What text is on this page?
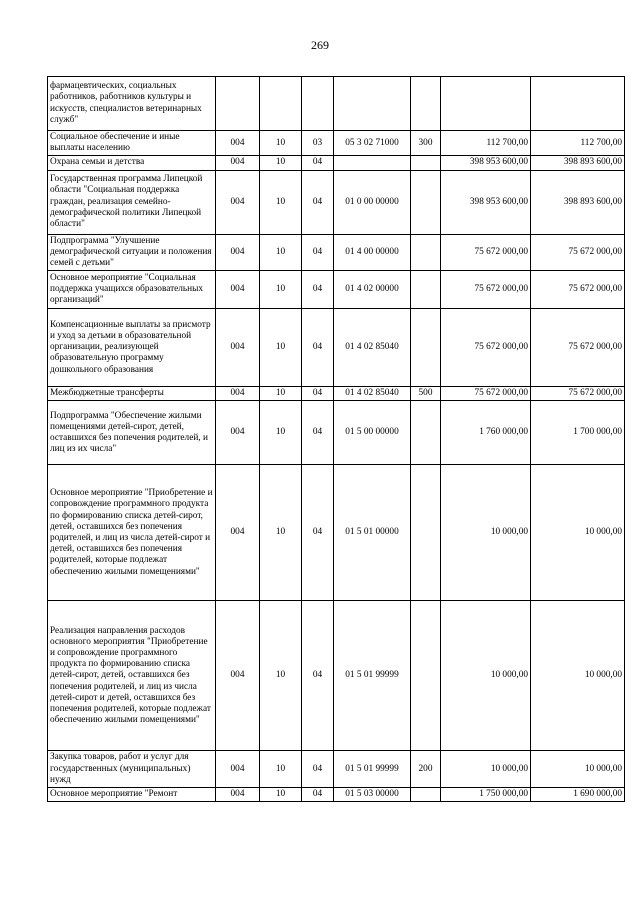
269
фармацевтических, социальных работников, работников культуры и искусств, специалистов ветеринарных служб"							
Социальное обеспечение и иные выплаты населению	004	10	03	05 3 02 71000	300	112 700,00	112 700,00
Охрана семьи и детства	004	10	04			398 953 600,00	398 893 600,00
Государственная программа Липецкой области "Социальная поддержка граждан, реализация семейно-демографической политики Липецкой области"	004	10	04	01 0 00 00000		398 953 600,00	398 893 600,00
Подпрограмма "Улучшение демографической ситуации и положения семей с детьми"	004	10	04	01 4 00 00000		75 672 000,00	75 672 000,00
Основное мероприятие "Социальная поддержка учащихся образовательных организаций"	004	10	04	01 4 02 00000		75 672 000,00	75 672 000,00
Компенсационные выплаты за присмотр и уход за детьми в образовательной организации, реализующей образовательную программу дошкольного образования	004	10	04	01 4 02 85040		75 672 000,00	75 672 000,00
Межбюджетные трансферты	004	10	04	01 4 02 85040	500	75 672 000,00	75 672 000,00
Подпрограмма "Обеспечение жилыми помещениями детей-сирот, детей, оставшихся без попечения родителей, и лиц из их числа"	004	10	04	01 5 00 00000		1 760 000,00	1 700 000,00
Основное мероприятие "Приобретение и сопровождение программного продукта по формированию списка детей-сирот, детей, оставшихся без попечения родителей, и лиц из числа детей-сирот и детей, оставшихся без попечения родителей, которые подлежат обеспечению жилыми помещениями"	004	10	04	01 5 01 00000		10 000,00	10 000,00
Реализация направления расходов основного мероприятия "Приобретение и сопровождение программного продукта по формированию списка детей-сирот, детей, оставшихся без попечения родителей, и лиц из числа детей-сирот и детей, оставшихся без попечения родителей, которые подлежат обеспечению жилыми помещениями"	004	10	04	01 5 01 99999		10 000,00	10 000,00
Закупка товаров, работ и услуг для государственных (муниципальных) нужд	004	10	04	01 5 01 99999	200	10 000,00	10 000,00
Основное мероприятие "Ремонт	004	10	04	01 5 03 00000		1 750 000,00	1 690 000,00
